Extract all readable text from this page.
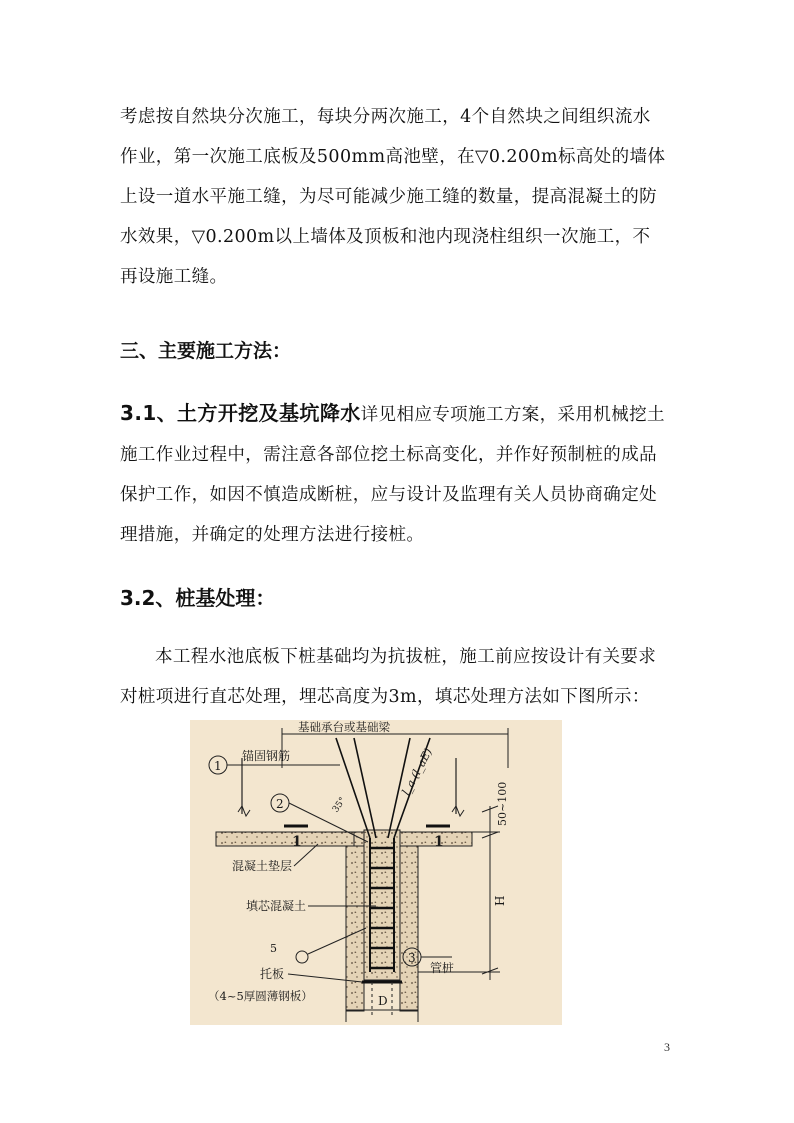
考虑按自然块分次施工，每块分两次施工，4个自然块之间组织流水
作业，第一次施工底板及500mm高池壁，在▽0.200m标高处的墙体
上设一道水平施工缝，为尽可能减少施工缝的数量，提高混凝土的防
水效果，▽0.200m以上墙体及顶板和池内现浇柱组织一次施工，不
再设施工缝。
三、主要施工方法：
3.1、土方开挖及基坑降水详见相应专项施工方案，采用机械挖土
施工作业过程中，需注意各部位挖土标高变化，并作好预制桩的成品
保护工作，如因不慎造成断桩，应与设计及监理有关人员协商确定处
理措施，并确定的处理方法进行接桩。
3.2、桩基处理：
本工程水池底板下桩基础均为抗拔桩，施工前应按设计有关要求
对桩项进行直芯处理，埋芯高度为3m，填芯处理方法如下图所示：
基础承台或基础梁
50~100
H
l_a (l_aE)
35°
1	1
1
锚固钢筋
2
混凝土垫层
填芯混凝土
5
托板
（4~5厚圆薄钢板）
3
管桩
D
3
